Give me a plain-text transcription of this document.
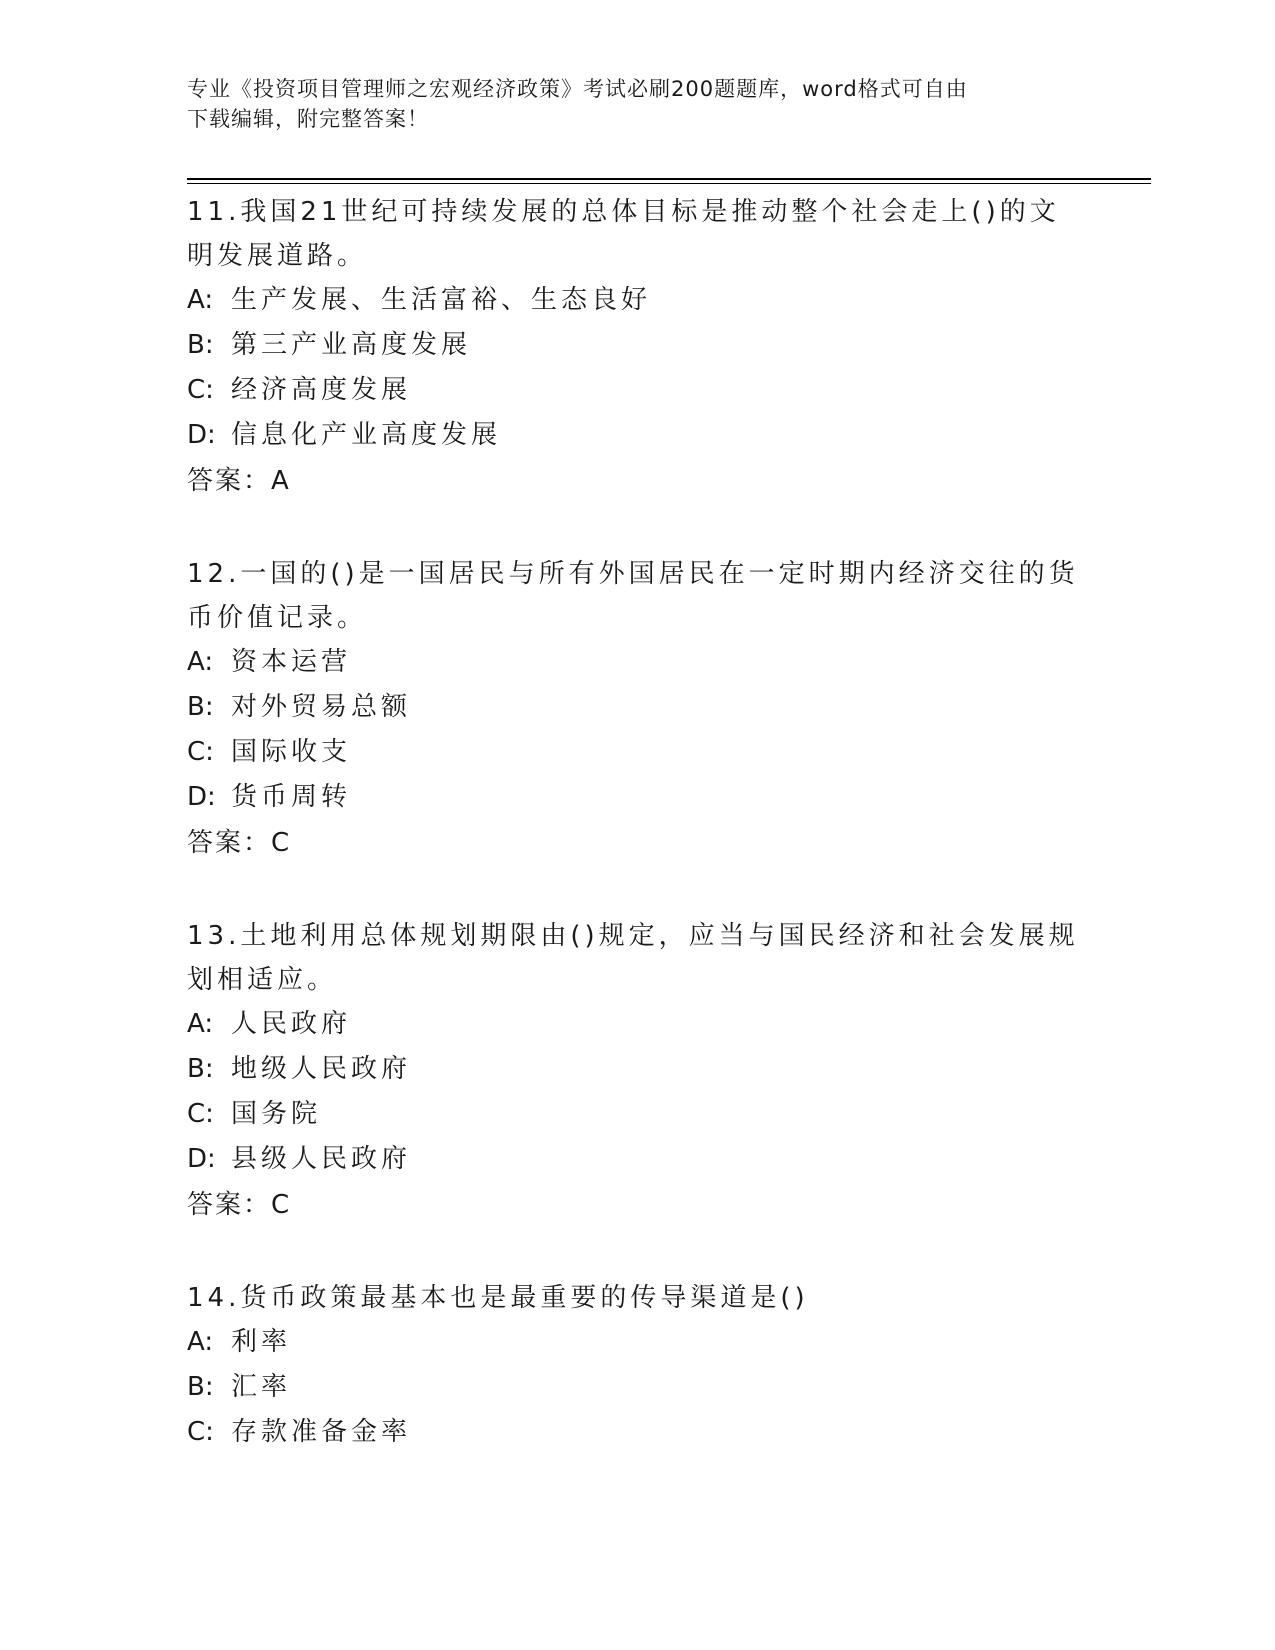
专业《投资项目管理师之宏观经济政策》考试必刷200题题库，word格式可自由
下载编辑，附完整答案！
11.我国21世纪可持续发展的总体目标是推动整个社会走上()的文明发展道路。
A: 生产发展、生活富裕、生态良好
B: 第三产业高度发展
C: 经济高度发展
D: 信息化产业高度发展
答案：A
12.一国的()是一国居民与所有外国居民在一定时期内经济交往的货币价值记录。
A: 资本运营
B: 对外贸易总额
C: 国际收支
D: 货币周转
答案：C
13.土地利用总体规划期限由()规定，应当与国民经济和社会发展规划相适应。
A: 人民政府
B: 地级人民政府
C: 国务院
D: 县级人民政府
答案：C
14.货币政策最基本也是最重要的传导渠道是()
A: 利率
B: 汇率
C: 存款准备金率
